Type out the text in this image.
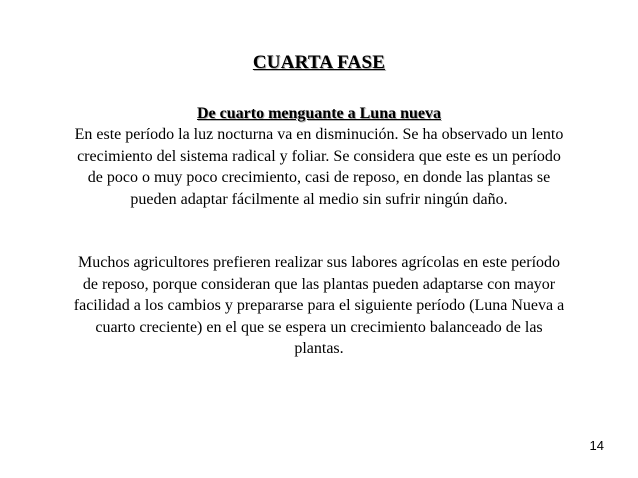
CUARTA FASE
De cuarto menguante a Luna nueva
En este período la luz nocturna va en disminución. Se ha observado un lento crecimiento del sistema radical y foliar. Se considera que este es un período de poco o muy poco crecimiento, casi de reposo, en donde las plantas se pueden adaptar fácilmente al medio sin sufrir ningún daño.
Muchos agricultores prefieren realizar sus labores agrícolas en este período de reposo, porque consideran que las plantas pueden adaptarse con mayor facilidad a los cambios y prepararse para el siguiente período (Luna Nueva a cuarto creciente) en el que se espera un crecimiento balanceado de las plantas.
14
